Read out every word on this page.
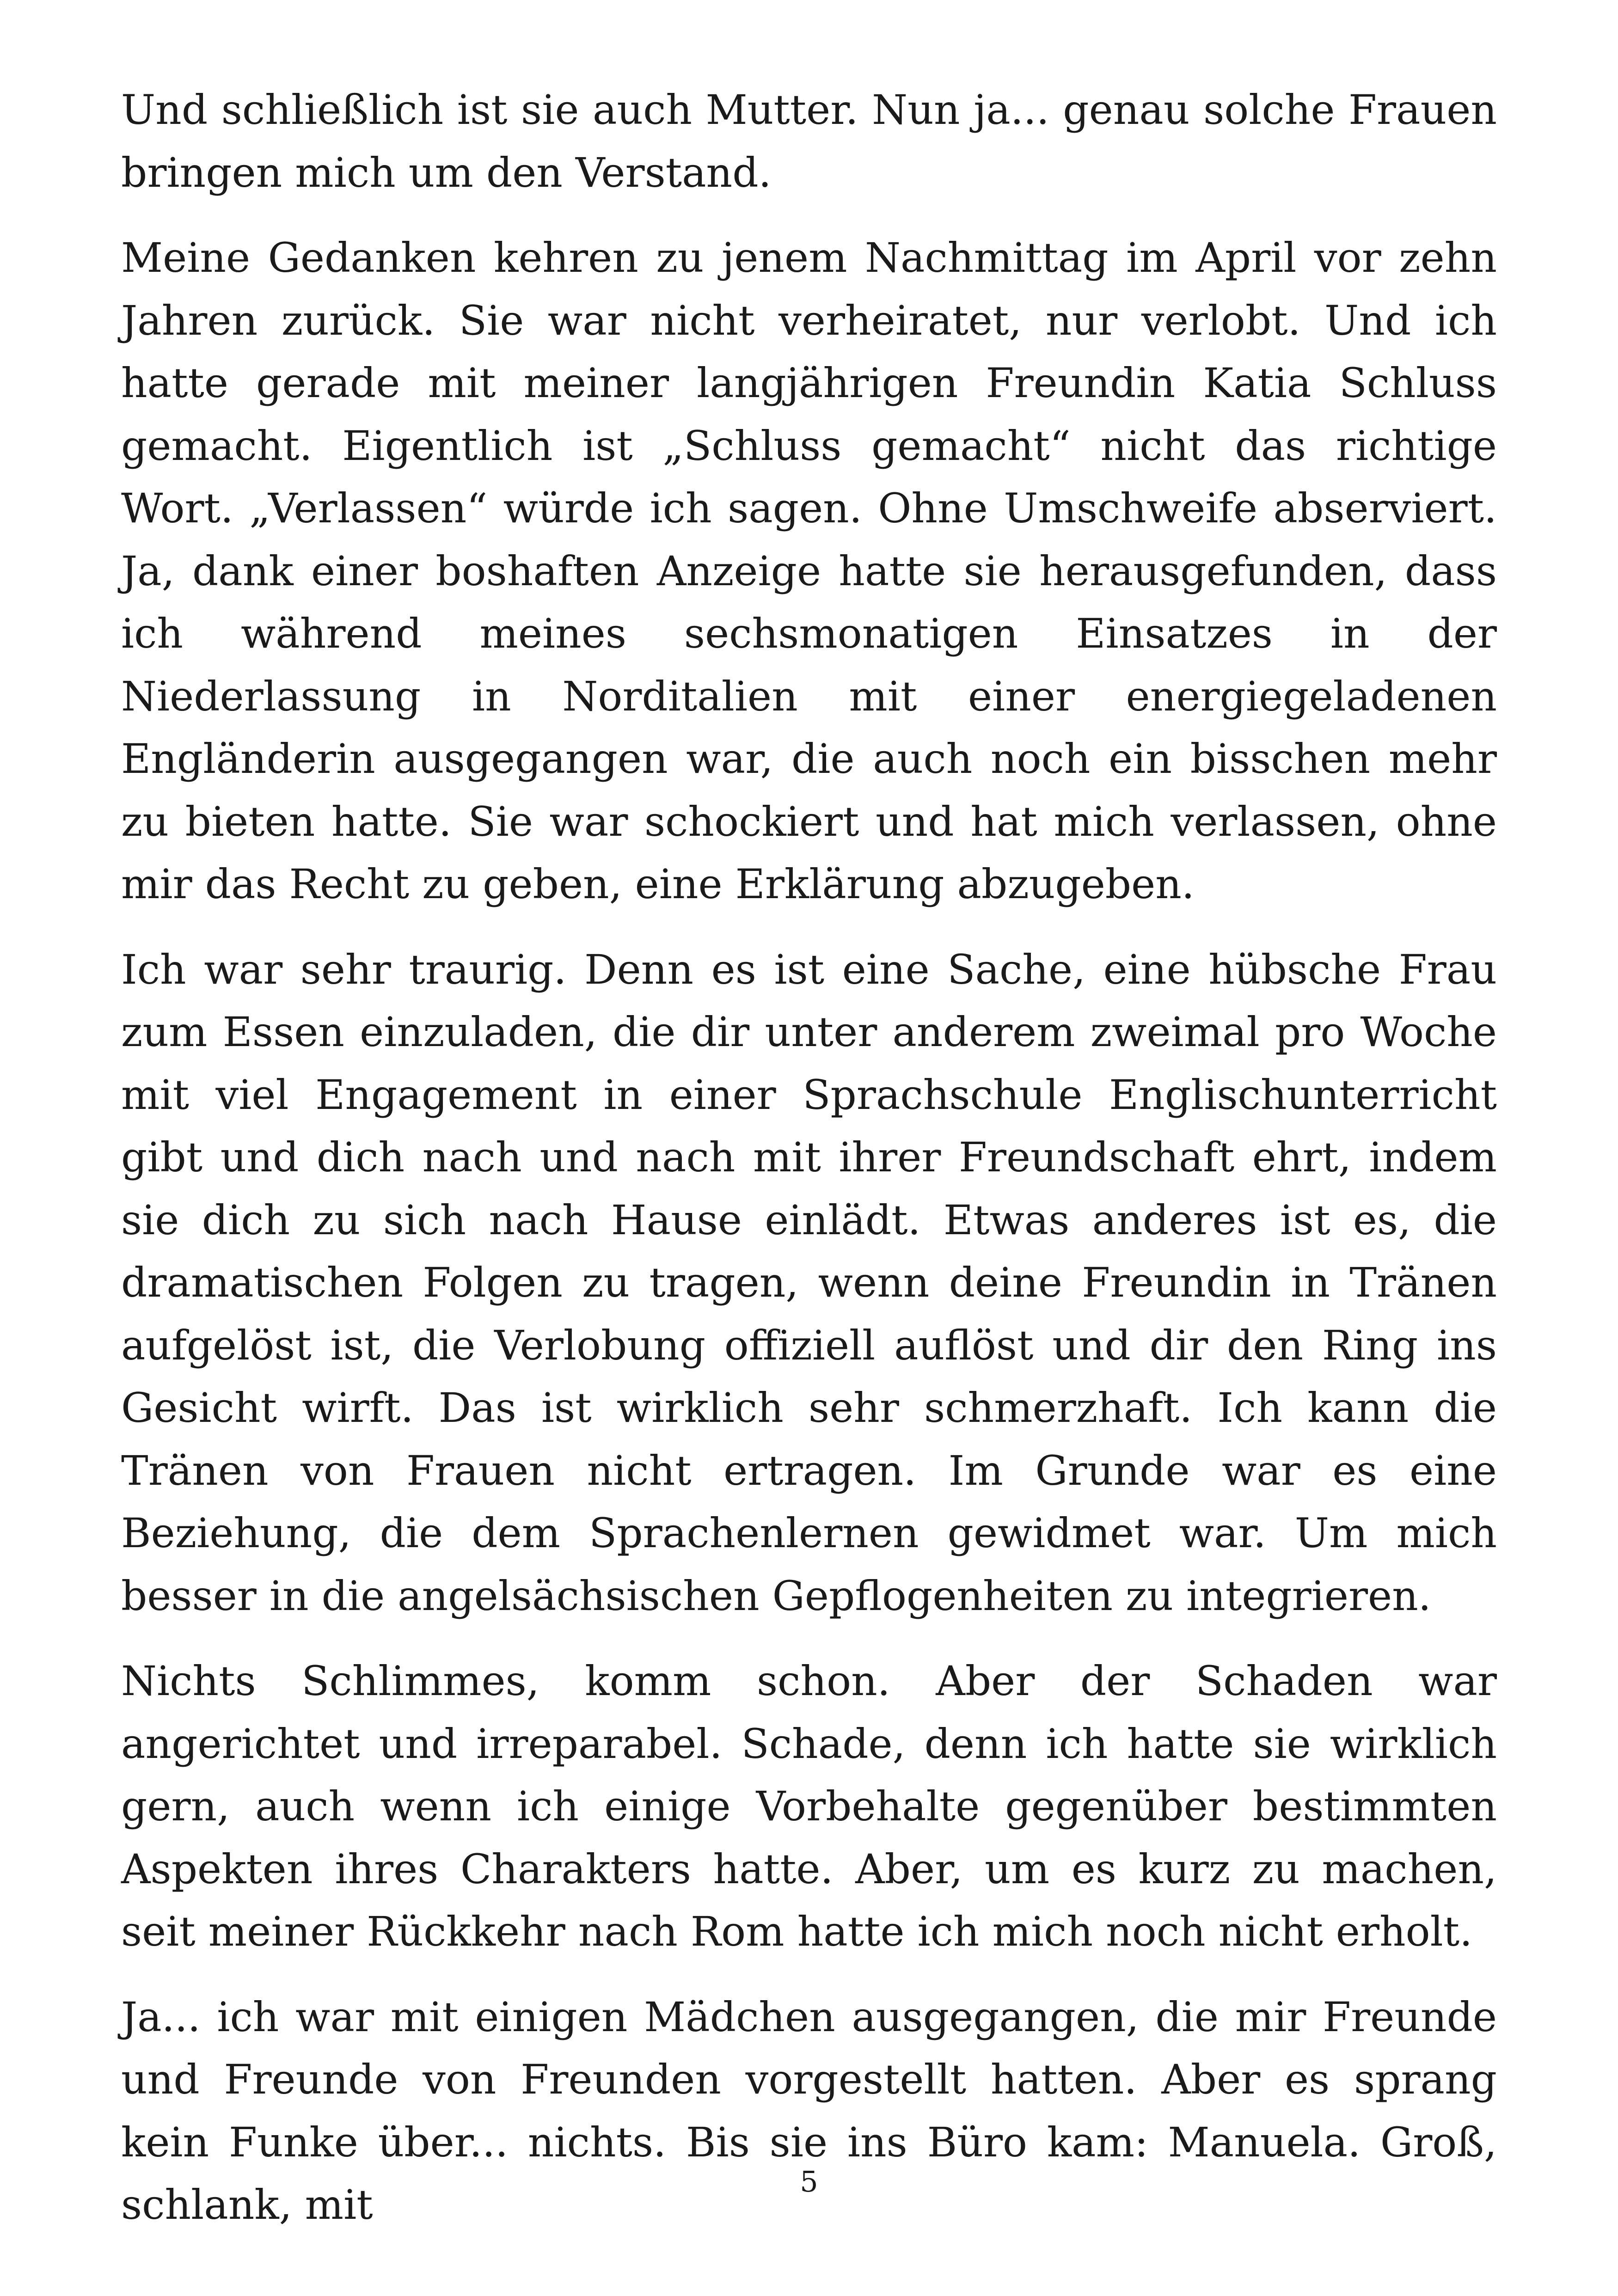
Und schließlich ist sie auch Mutter. Nun ja... genau solche Frauen bringen mich um den Verstand.

Meine Gedanken kehren zu jenem Nachmittag im April vor zehn Jahren zurück. Sie war nicht verheiratet, nur verlobt. Und ich hatte gerade mit meiner langjährigen Freundin Katia Schluss gemacht. Eigentlich ist „Schluss gemacht“ nicht das richtige Wort. „Verlassen“ würde ich sagen. Ohne Umschweife abserviert. Ja, dank einer boshaften Anzeige hatte sie herausgefunden, dass ich während meines sechsmonatigen Einsatzes in der Niederlassung in Norditalien mit einer energiegeladenen Engländerin ausgegangen war, die auch noch ein bisschen mehr zu bieten hatte. Sie war schockiert und hat mich verlassen, ohne mir das Recht zu geben, eine Erklärung abzugeben.

Ich war sehr traurig. Denn es ist eine Sache, eine hübsche Frau zum Essen einzuladen, die dir unter anderem zweimal pro Woche mit viel Engagement in einer Sprachschule Englischunterricht gibt und dich nach und nach mit ihrer Freundschaft ehrt, indem sie dich zu sich nach Hause einlädt. Etwas anderes ist es, die dramatischen Folgen zu tragen, wenn deine Freundin in Tränen aufgelöst ist, die Verlobung offiziell auflöst und dir den Ring ins Gesicht wirft. Das ist wirklich sehr schmerzhaft. Ich kann die Tränen von Frauen nicht ertragen. Im Grunde war es eine Beziehung, die dem Sprachenlernen gewidmet war. Um mich besser in die angelsächsischen Gepflogenheiten zu integrieren.

Nichts Schlimmes, komm schon. Aber der Schaden war angerichtet und irreparabel. Schade, denn ich hatte sie wirklich gern, auch wenn ich einige Vorbehalte gegenüber bestimmten Aspekten ihres Charakters hatte. Aber, um es kurz zu machen, seit meiner Rückkehr nach Rom hatte ich mich noch nicht erholt.

Ja... ich war mit einigen Mädchen ausgegangen, die mir Freunde und Freunde von Freunden vorgestellt hatten. Aber es sprang kein Funke über... nichts. Bis sie ins Büro kam: Manuela. Groß, schlank, mit	5
